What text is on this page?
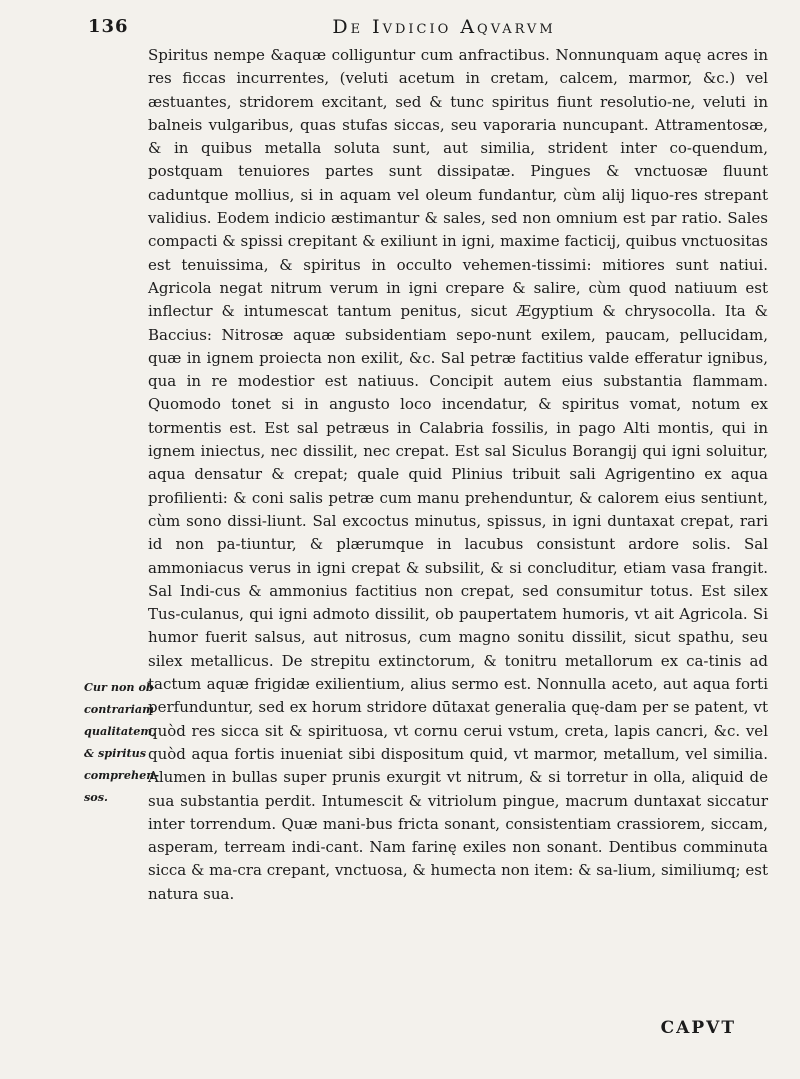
136	De Ivdicio Aqvarvm
Cur non ob
contrariam
qualitatem,
& spiritus
comprehen-
sos.

Spiritus nempe &aquæ colliguntur cum anfractibus. Nonnunquam aquę acres in res ficcas incurrentes, (veluti acetum in cretam, calcem, marmor, &c.) vel æstuantes, stridorem excitant, sed & tunc spiritus fiunt resolutio-ne, veluti in balneis vulgaribus, quas stufas siccas, seu vaporaria nuncupant. Attramentosæ, & in quibus metalla soluta sunt, aut similia, strident inter co-quendum, postquam tenuiores partes sunt dissipatæ. Pingues & vnctuosæ fluunt caduntque mollius, si in aquam vel oleum fundantur, cùm alij liquo-res strepant validius. Eodem indicio æstimantur & sales, sed non omnium est par ratio. Sales compacti & spissi crepitant & exiliunt in igni, maxime facticij, quibus vnctuositas est tenuissima, & spiritus in occulto vehemen-tissimi: mitiores sunt natiui. Agricola negat nitrum verum in igni crepare & salire, cùm quod natiuum est inflectur & intumescat tantum penitus, sicut Ægyptium & chrysocolla. Ita & Baccius: Nitrosæ aquæ subsidentiam sepo-nunt exilem, paucam, pellucidam, quæ in ignem proiecta non exilit, &c. Sal petræ factitius valde efferatur ignibus, qua in re modestior est natiuus. Concipit autem eius substantia flammam. Quomodo tonet si in angusto loco incendatur, & spiritus vomat, notum ex tormentis est. Est sal petræus in Calabria fossilis, in pago Alti montis, qui in ignem iniectus, nec dissilit, nec crepat. Est sal Siculus Borangij qui igni soluitur, aqua densatur & crepat; quale quid Plinius tribuit sali Agrigentino ex aqua profilienti: & coni salis petræ cum manu prehenduntur, & calorem eius sentiunt, cùm sono dissi-liunt. Sal excoctus minutus, spissus, in igni duntaxat crepat, rari id non pa-tiuntur, & plærumque in lacubus consistunt ardore solis. Sal ammoniacus verus in igni crepat & subsilit, & si concluditur, etiam vasa frangit. Sal Indi-cus & ammonius factitius non crepat, sed consumitur totus. Est silex Tus-culanus, qui igni admoto dissilit, ob paupertatem humoris, vt ait Agricola. Si humor fuerit salsus, aut nitrosus, cum magno sonitu dissilit, sicut spathu, seu silex metallicus. De strepitu extinctorum, & tonitru metallorum ex ca-tinis ad tactum aquæ frigidæ exilientium, alius sermo est. Nonnulla aceto, aut aqua forti perfunduntur, sed ex horum stridore dūtaxat generalia quę-dam per se patent, vt quòd res sicca sit & spirituosa, vt cornu cerui vstum, creta, lapis cancri, &c. vel quòd aqua fortis inueniat sibi dispositum quid, vt marmor, metallum, vel similia. Alumen in bullas super prunis exurgit vt nitrum, & si torretur in olla, aliquid de sua substantia perdit. Intumescit & vitriolum pingue, macrum duntaxat siccatur inter torrendum. Quæ mani-bus fricta sonant, consistentiam crassiorem, siccam, asperam, terream indi-cant. Nam farinę exiles non sonant. Dentibus comminuta sicca & ma-cra crepant, vnctuosa, & humecta non item: & sa-lium, similiumq; est natura sua.

CAPVT
